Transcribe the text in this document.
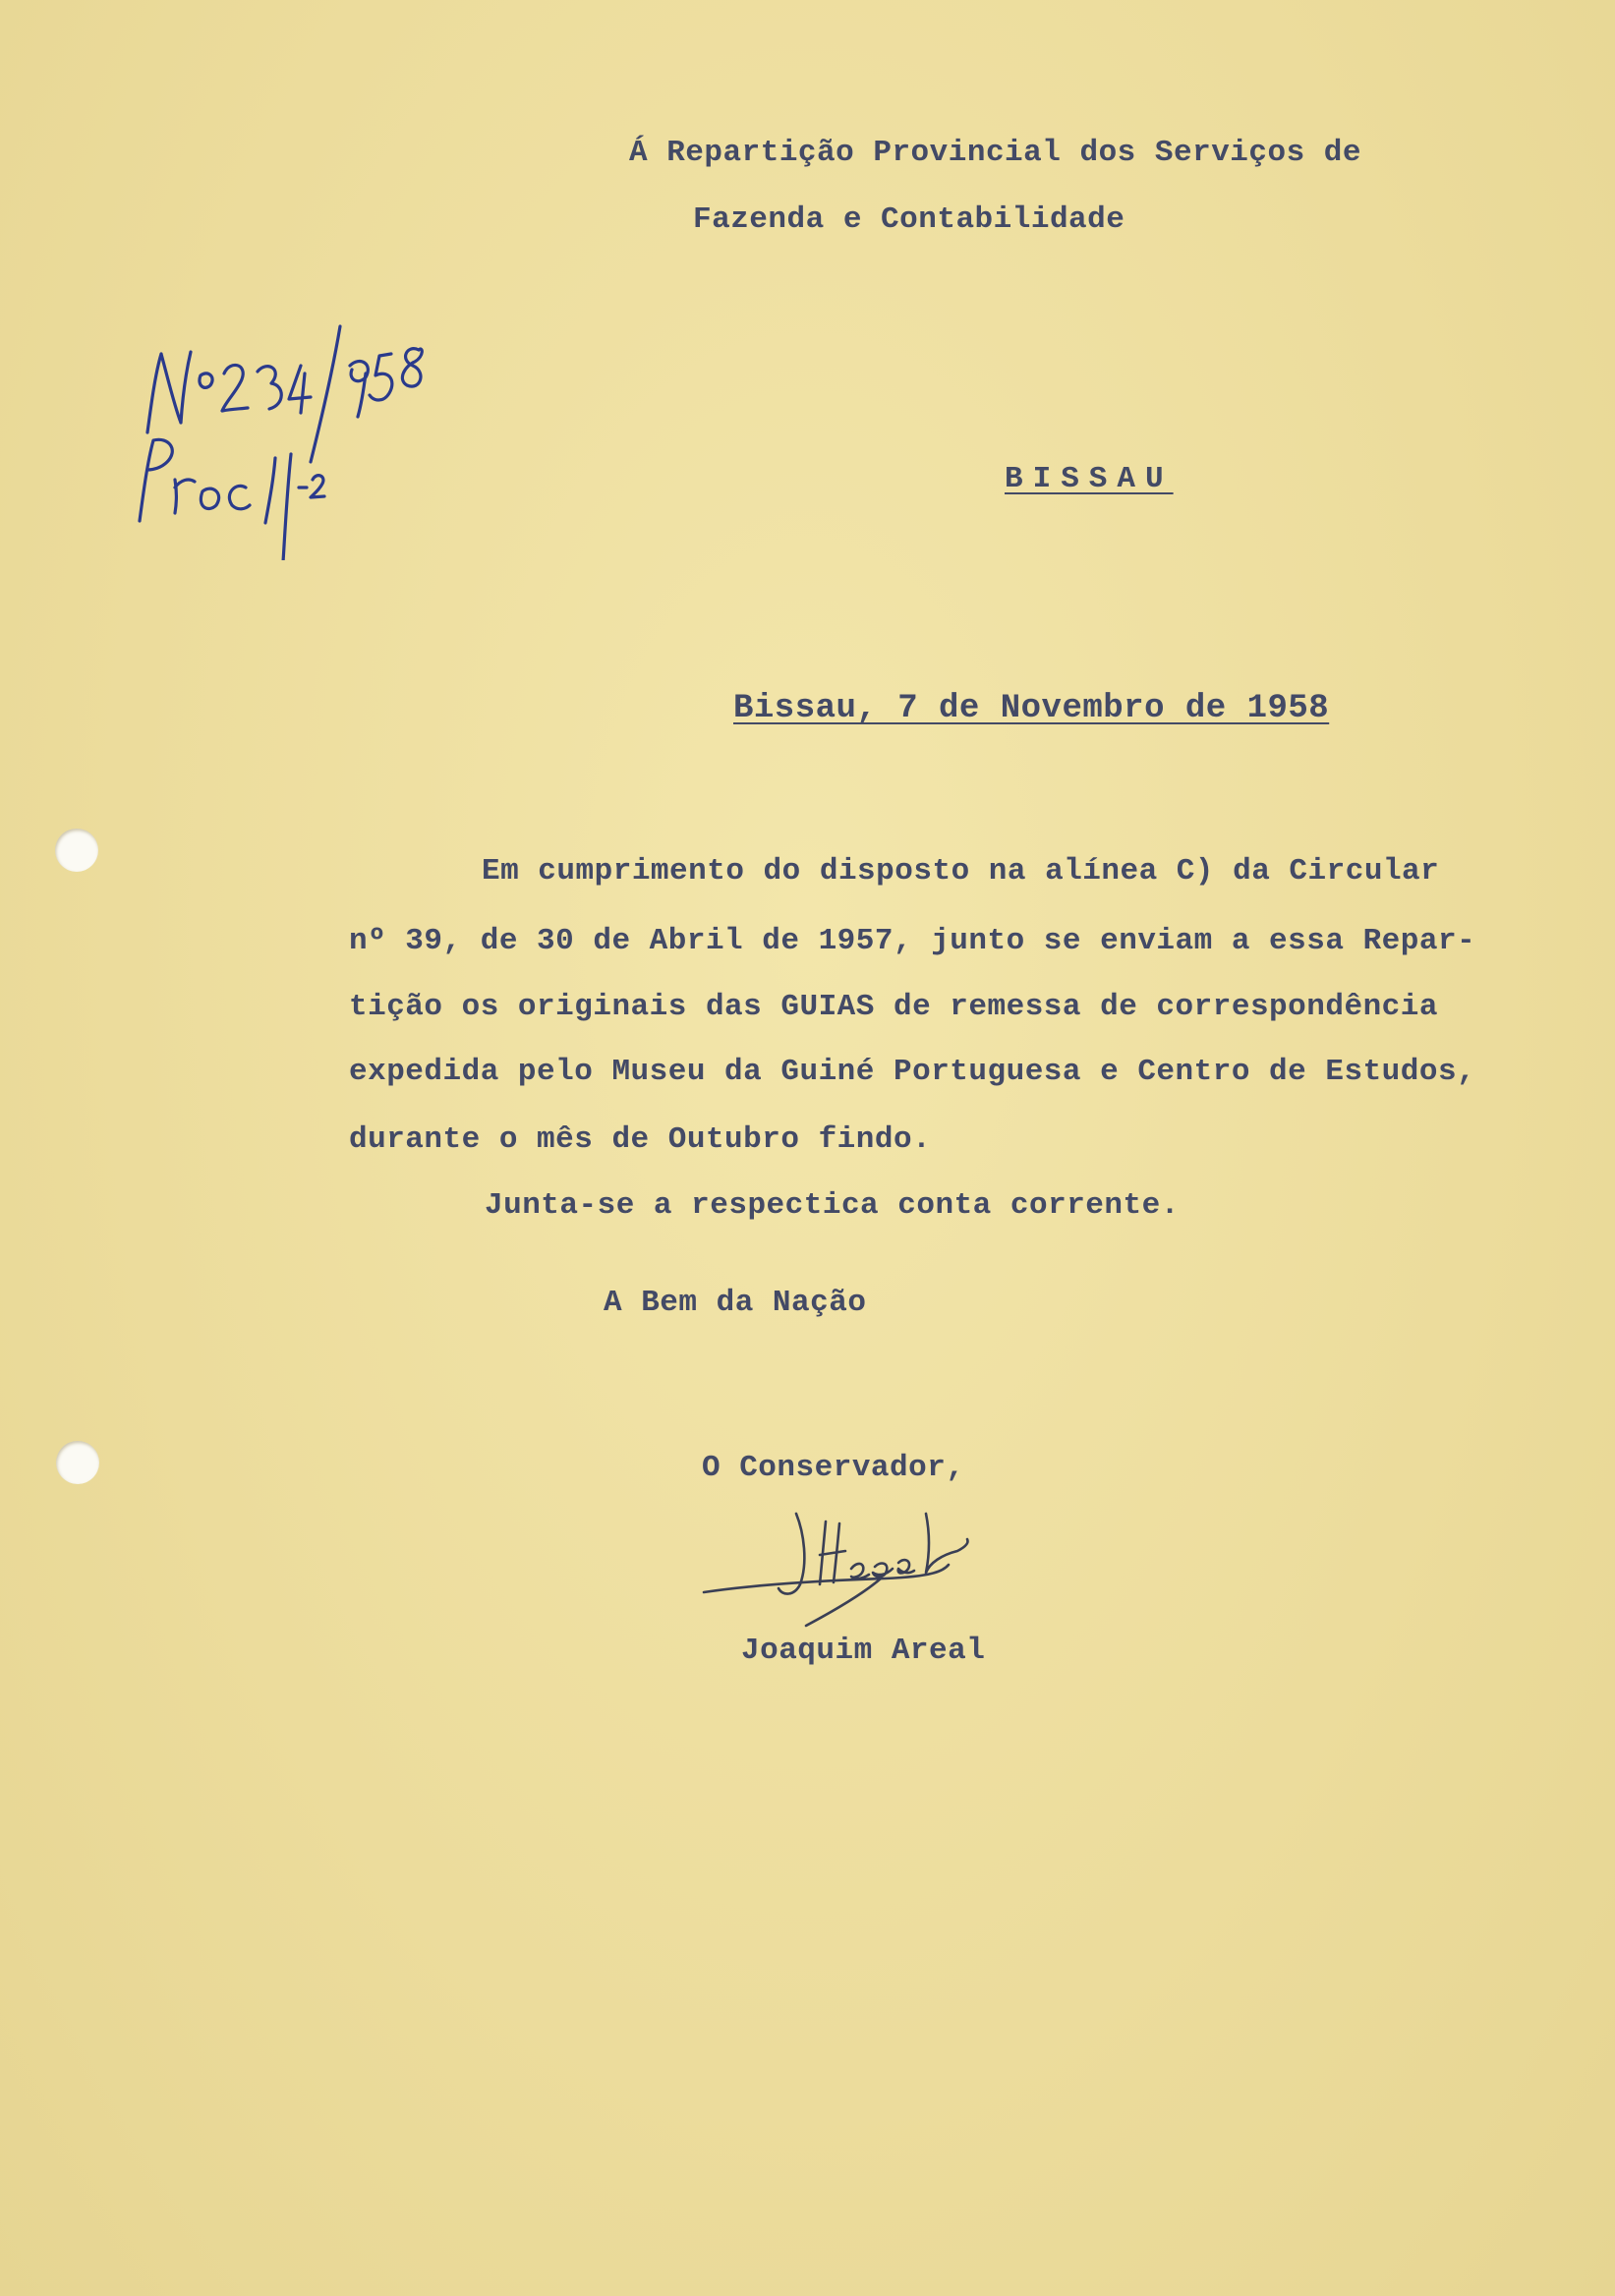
Á Repartição Provincial dos Serviços de

Fazenda e Contabilidade

BISSAU

Bissau, 7 de Novembro de 1958

Em cumprimento do disposto na alínea C) da Circular

nº 39, de 30 de Abril de 1957, junto se enviam a essa Repar-

tição os originais das GUIAS de remessa de correspondência

expedida pelo Museu da Guiné Portuguesa e Centro de Estudos,

durante o mês de Outubro findo.

Junta-se a respectica conta corrente.

A Bem da Nação

O Conservador,

Joaquim Areal
